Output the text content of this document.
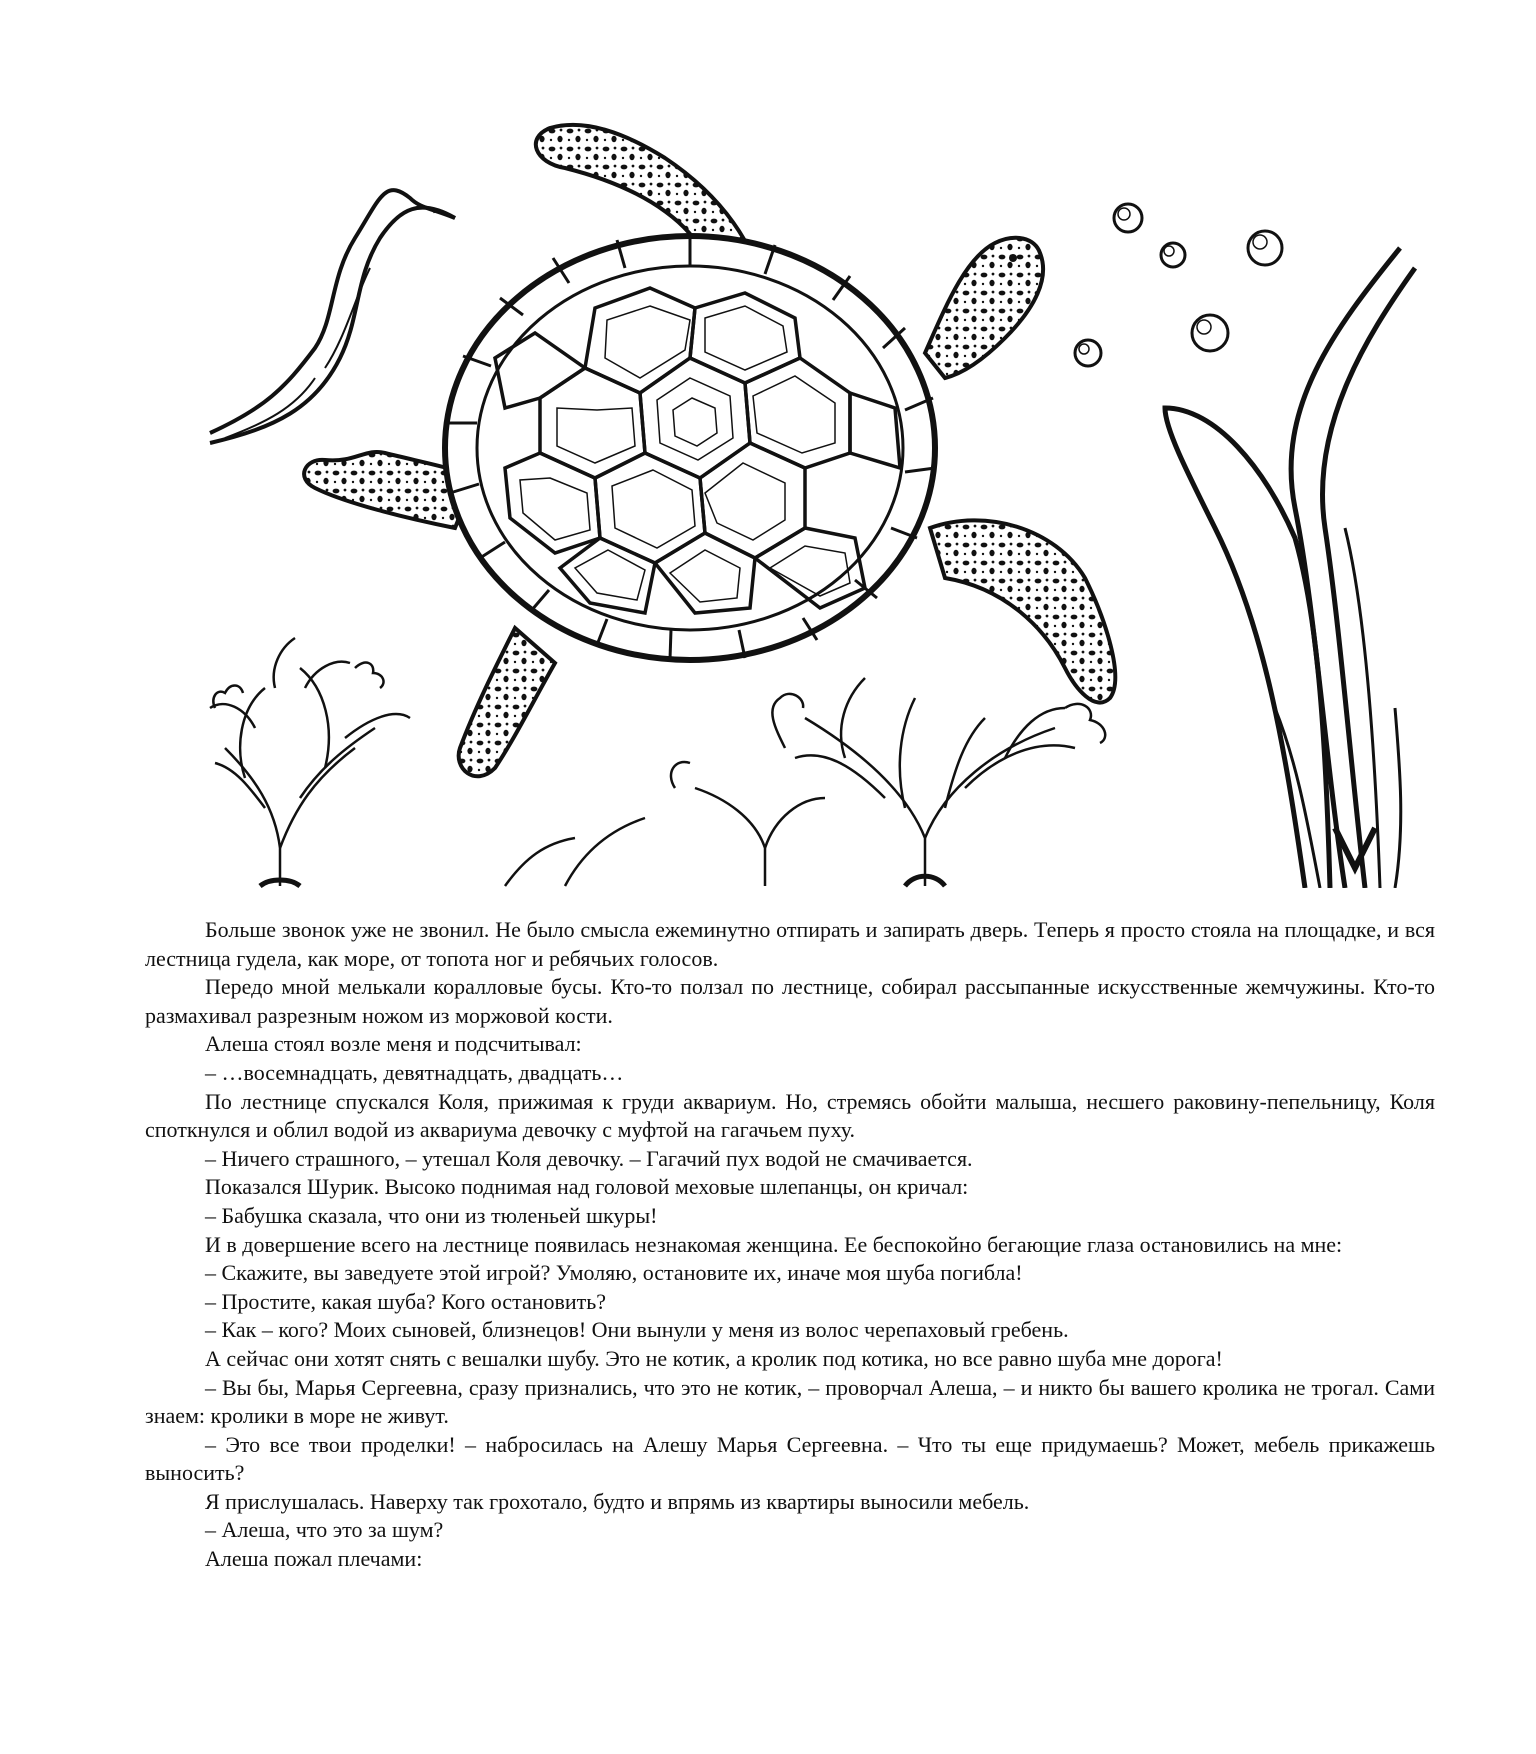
Больше звонок уже не звонил. Не было смысла ежеминутно отпирать и запирать дверь. Теперь я просто стояла на площадке, и вся лестница гудела, как море, от топота ног и ребячьих голосов.

Передо мной мелькали коралловые бусы. Кто-то ползал по лестнице, собирал рассыпанные искусственные жемчужины. Кто-то размахивал разрезным ножом из моржовой кости.

Алеша стоял возле меня и подсчитывал:

– …восемнадцать, девятнадцать, двадцать…

По лестнице спускался Коля, прижимая к груди аквариум. Но, стремясь обойти малыша, несшего раковину-пепельницу, Коля споткнулся и облил водой из аквариума девочку с муфтой на гагачьем пуху.

– Ничего страшного, – утешал Коля девочку. – Гагачий пух водой не смачивается.

Показался Шурик. Высоко поднимая над головой меховые шлепанцы, он кричал:

– Бабушка сказала, что они из тюленьей шкуры!

И в довершение всего на лестнице появилась незнакомая женщина. Ее беспокойно бегающие глаза остановились на мне:

– Скажите, вы заведуете этой игрой? Умоляю, остановите их, иначе моя шуба погибла!

– Простите, какая шуба? Кого остановить?

– Как – кого? Моих сыновей, близнецов! Они вынули у меня из волос черепаховый гребень.

А сейчас они хотят снять с вешалки шубу. Это не котик, а кролик под котика, но все равно шуба мне дорога!

– Вы бы, Марья Сергеевна, сразу признались, что это не котик, – проворчал Алеша, – и никто бы вашего кролика не трогал. Сами знаем: кролики в море не живут.

– Это все твои проделки! – набросилась на Алешу Марья Сергеевна. – Что ты еще придумаешь? Может, мебель прикажешь выносить?

Я прислушалась. Наверху так грохотало, будто и впрямь из квартиры выносили мебель.

– Алеша, что это за шум?

Алеша пожал плечами:
